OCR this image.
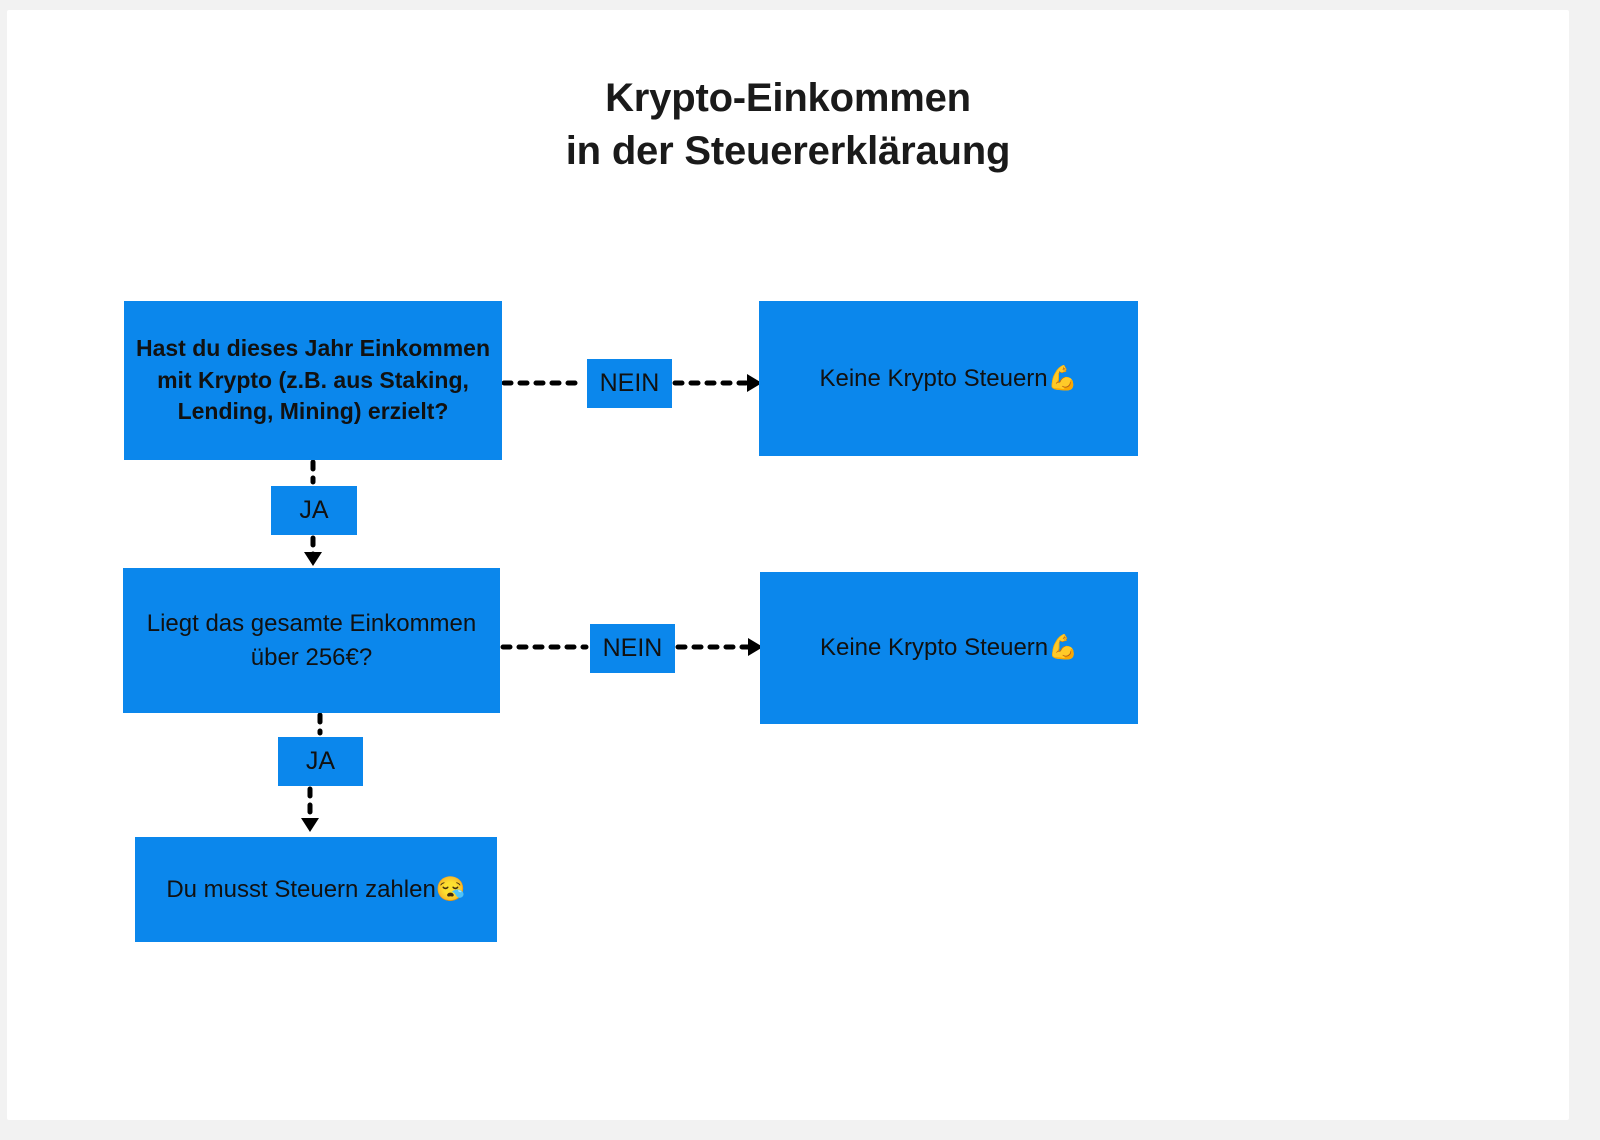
Krypto-Einkommen
in der Steuererkläraung
Hast du dieses Jahr Einkommen mit Krypto (z.B. aus Staking, Lending, Mining) erzielt?
Keine Krypto Steuern 💪
Liegt das gesamte Einkommen über 256€?	Keine Krypto Steuern 💪
Du musst Steuern zahlen 😪
NEIN
JA
NEIN
JA
